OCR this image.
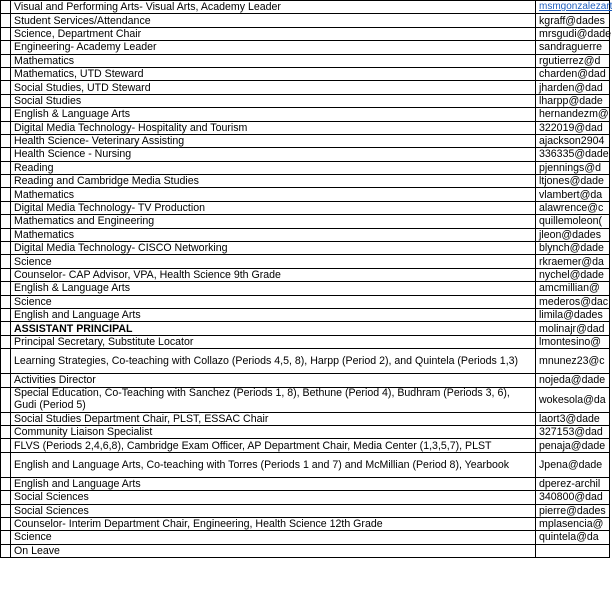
	Visual and Performing Arts- Visual Arts, Academy Leader	msmgonzalezart
	Student Services/Attendance	kgraff@dades
	Science, Department Chair	mrsgudi@dade
	Engineering- Academy Leader	sandraguerre
	Mathematics	rgutierrez@d
	Mathematics, UTD Steward	charden@dad
	Social Studies, UTD Steward	jharden@dad
	Social Studies	lharpp@dade
	English & Language Arts	hernandezm@
	Digital Media Technology- Hospitality and Tourism	322019@dad
	Health Science- Veterinary Assisting	ajackson2904
	Health Science - Nursing	336335@dade
	Reading	pjennings@d
	Reading and Cambridge Media Studies	ltjones@dade
	Mathematics	vlambert@da
	Digital Media Technology- TV Production	alawrence@c
	Mathematics and Engineering	quillemoleon(
	Mathematics	jleon@dades
	Digital Media Technology- CISCO Networking	blynch@dade
	Science	rkraemer@da
	Counselor- CAP Advisor, VPA, Health Science 9th Grade	nychel@dade
	English & Language Arts	amcmillian@
	Science	mederos@dac
	English and Language Arts	limila@dades
	ASSISTANT PRINCIPAL	molinajr@dad
	Principal Secretary, Substitute Locator	lmontesino@
	Learning Strategies, Co-teaching with Collazo (Periods 4,5, 8), Harpp (Period 2), and Quintela (Periods 1,3)	mnunez23@c
	Activities Director	nojeda@dade
	Special Education, Co-Teaching with Sanchez (Periods 1, 8), Bethune (Period 4), Budhram (Periods 3, 6), Gudi (Period 5)	wokesola@da
	Social Studies Department Chair, PLST, ESSAC Chair	laort3@dade
	Community Liaison Specialist	327153@dad
	FLVS (Periods 2,4,6,8), Cambridge Exam Officer, AP Department Chair, Media Center (1,3,5,7), PLST	penaja@dade
	English and Language Arts, Co-teaching with Torres (Periods 1 and 7) and McMillian (Period 8), Yearbook	Jpena@dade
	English and Language Arts	dperez-archil
	Social Sciences	340800@dad
	Social Sciences	pierre@dades
	Counselor- Interim Department Chair, Engineering, Health Science 12th Grade	mplasencia@
	Science	quintela@da
	On Leave	
